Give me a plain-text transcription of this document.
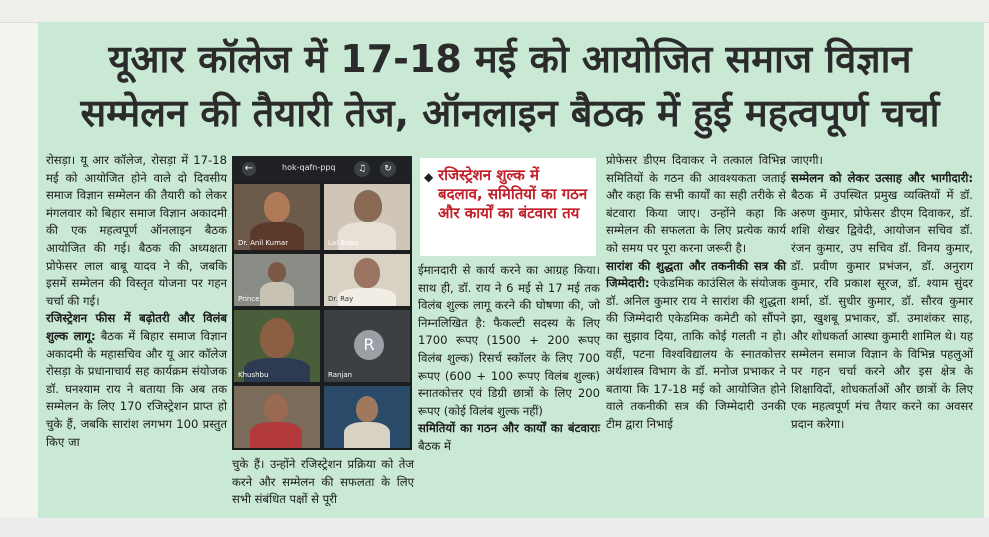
यूआर कॉलेज में 17-18 मई को आयोजित समाज विज्ञान
सम्मेलन की तैयारी तेज, ऑनलाइन बैठक में हुई महत्वपूर्ण चर्चा
रोसड़ा। यू आर कॉलेज, रोसड़ा में 17-18 मई को आयोजित होने वाले दो दिवसीय समाज विज्ञान सम्मेलन की तैयारी को लेकर मंगलवार को बिहार समाज विज्ञान अकादमी की एक महत्वपूर्ण ऑनलाइन बैठक आयोजित की गई। बैठक की अध्यक्षता प्रोफेसर लाल बाबू यादव ने की, जबकि इसमें सम्मेलन की विस्तृत योजना पर गहन चर्चा की गई।
रजिस्ट्रेशन फीस में बढ़ोतरी और विलंब शुल्क लागू: बैठक में बिहार समाज विज्ञान अकादमी के महासचिव और यू आर कॉलेज रोसड़ा के प्रधानाचार्य सह कार्यक्रम संयोजक डॉ. घनश्याम राय ने बताया कि अब तक सम्मेलन के लिए 170 रजिस्ट्रेशन प्राप्त हो चुके हैं, जबकि सारांश लगभग 100 प्रस्तुत किए जा
←	hok-qafn-ppq	♫	↻
Dr. Anil Kumar	Lal Babu
Prince	Dr. Ray
Khushbu
R
Ranjan
चुके हैं। उन्होंने रजिस्ट्रेशन प्रक्रिया को तेज करने और सम्मेलन की सफलता के लिए सभी संबंधित पक्षों से पूरी
◆ रजिस्ट्रेशन शुल्क में बदलाव, समितियों का गठन और कार्यों का बंटवारा तय
ईमानदारी से कार्य करने का आग्रह किया। साथ ही, डॉ. राय ने 6 मई से 17 मई तक विलंब शुल्क लागू करने की घोषणा की, जो निम्नलिखित है: फैकल्टी सदस्य के लिए 1700 रूपए (1500 + 200 रूपए विलंब शुल्क) रिसर्च स्कॉलर के लिए 700 रूपए (600 + 100 रूपए विलंब शुल्क) स्नातकोत्तर एवं डिग्री छात्रों के लिए 200 रूपए (कोई विलंब शुल्क नहीं)
समितियों का गठन और कार्यों का बंटवाराः बैठक में
प्रोफेसर डीएम दिवाकर ने तत्काल विभिन्न समितियों के गठन की आवश्यकता जताई और कहा कि सभी कार्यों का सही तरीके से बंटवारा किया जाए। उन्होंने कहा कि सम्मेलन की सफलता के लिए प्रत्येक कार्य को समय पर पूरा करना जरूरी है।
सारांश की शुद्धता और तकनीकी सत्र की जिम्मेदारी: एकेडमिक काउंसिल के संयोजक डॉ. अनिल कुमार राय ने सारांश की शुद्धता की जिम्मेदारी एकेडमिक कमेटी को सौंपने का सुझाव दिया, ताकि कोई गलती न हो। वहीं, पटना विश्वविद्यालय के स्नातकोत्तर अर्थशास्त्र विभाग के डॉ. मनोज प्रभाकर ने बताया कि 17-18 मई को आयोजित होने वाले तकनीकी सत्र की जिम्मेदारी उनकी टीम द्वारा निभाई
जाएगी।
सम्मेलन को लेकर उत्साह और भागीदारी: बैठक में उपस्थित प्रमुख व्यक्तियों में डॉ. अरुण कुमार, प्रोफेसर डीएम दिवाकर, डॉ. शशि शेखर द्विवेदी, आयोजन सचिव डॉ. रंजन कुमार, उप सचिव डॉ. विनय कुमार, डॉ. प्रवीण कुमार प्रभंजन, डॉ. अनुराग कुमार, रवि प्रकाश सूरज, डॉ. श्याम सुंदर शर्मा, डॉ. सुधीर कुमार, डॉ. सौरव कुमार झा, खुशबू प्रभाकर, डॉ. उमाशंकर साह, और शोधकर्ता आस्था कुमारी शामिल थे। यह सम्मेलन समाज विज्ञान के विभिन्न पहलुओं पर गहन चर्चा करने और इस क्षेत्र के शिक्षाविदों, शोधकर्ताओं और छात्रों के लिए एक महत्वपूर्ण मंच तैयार करने का अवसर प्रदान करेगा।
